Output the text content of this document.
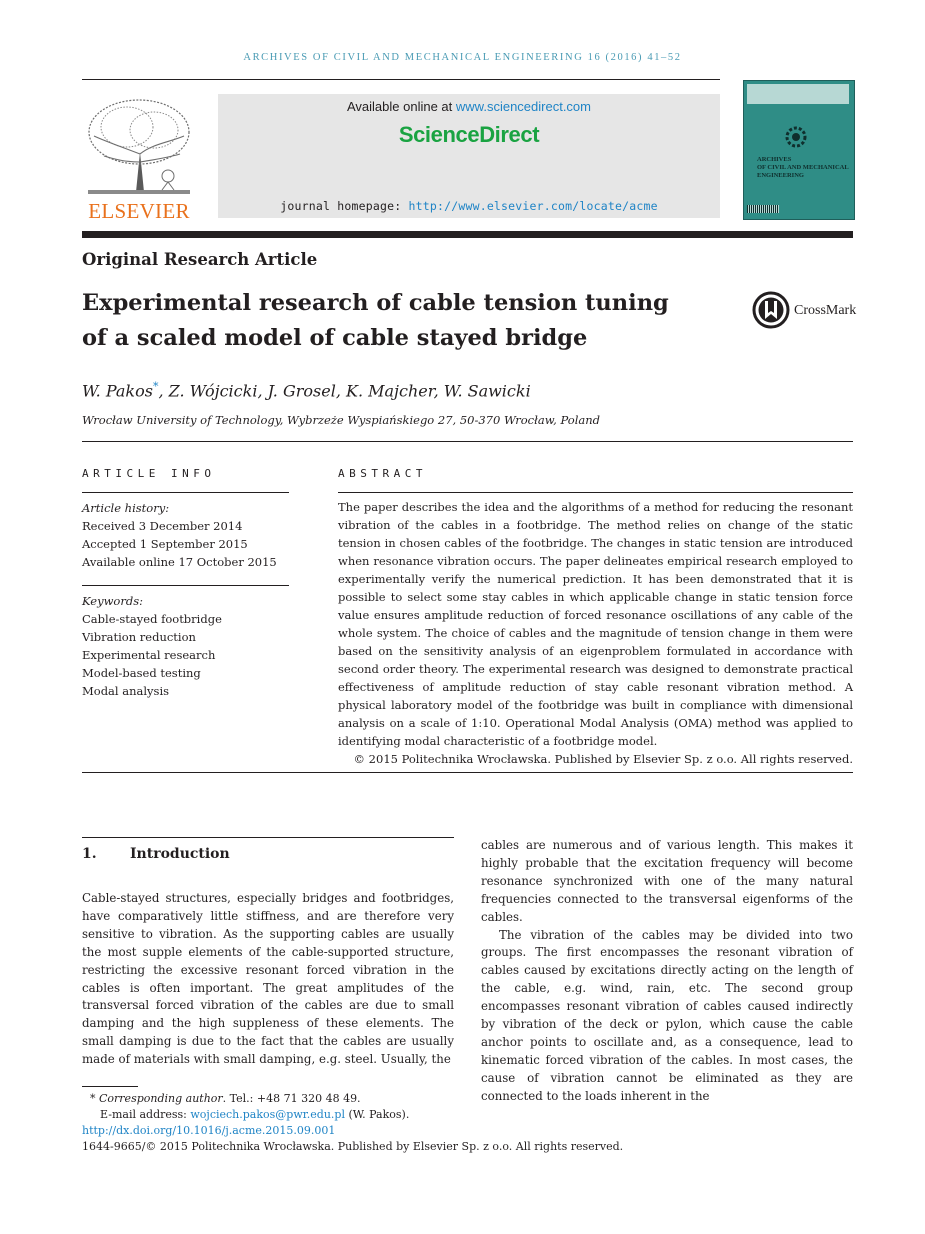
ARCHIVES OF CIVIL AND MECHANICAL ENGINEERING 16 (2016) 41–52
ELSEVIER
Available online at www.sciencedirect.com
ScienceDirect
journal homepage: http://www.elsevier.com/locate/acme
ARCHIVES
OF CIVIL AND MECHANICAL
ENGINEERING
Original Research Article
Experimental research of cable tension tuning
of a scaled model of cable stayed bridge
CrossMark
W. Pakos*, Z. Wójcicki, J. Grosel, K. Majcher, W. Sawicki
Wrocław University of Technology, Wybrzeże Wyspiańskiego 27, 50-370 Wrocław, Poland
ARTICLE INFO
Article history:
Received 3 December 2014
Accepted 1 September 2015
Available online 17 October 2015
Keywords:
Cable-stayed footbridge
Vibration reduction
Experimental research
Model-based testing
Modal analysis
ABSTRACT

The paper describes the idea and the algorithms of a method for reducing the resonant vibration of the cables in a footbridge. The method relies on change of the static tension in chosen cables of the footbridge. The changes in static tension are introduced when resonance vibration occurs. The paper delineates empirical research employed to experimentally verify the numerical prediction. It has been demonstrated that it is possible to select some stay cables in which applicable change in static tension force value ensures amplitude reduction of forced resonance oscillations of any cable of the whole system. The choice of cables and the magnitude of tension change in them were based on the sensitivity analysis of an eigenproblem formulated in accordance with second order theory. The experimental research was designed to demonstrate practical effectiveness of amplitude reduction of stay cable resonant vibration method. A physical laboratory model of the footbridge was built in compliance with dimensional analysis on a scale of 1:10. Operational Modal Analysis (OMA) method was applied to identifying modal characteristic of a footbridge model.

© 2015 Politechnika Wrocławska. Published by Elsevier Sp. z o.o. All rights reserved.

1. Introduction

Cable-stayed structures, especially bridges and footbridges, have comparatively little stiffness, and are therefore very sensitive to vibration. As the supporting cables are usually the most supple elements of the cable-supported structure, restricting the excessive resonant forced vibration in the cables is often important. The great amplitudes of the transversal forced vibration of the cables are due to small damping and the high suppleness of these elements. The small damping is due to the fact that the cables are usually made of materials with small damping, e.g. steel. Usually, the

cables are numerous and of various length. This makes it highly probable that the excitation frequency will become resonance synchronized with one of the many natural frequencies connected to the transversal eigenforms of the cables.

The vibration of the cables may be divided into two groups. The first encompasses the resonant vibration of cables caused by excitations directly acting on the length of the cable, e.g. wind, rain, etc. The second group encompasses resonant vibration of cables caused indirectly by vibration of the deck or pylon, which cause the cable anchor points to oscillate and, as a consequence, lead to kinematic forced vibration of the cables. In most cases, the cause of vibration cannot be eliminated as they are connected to the loads inherent in the

* Corresponding author. Tel.: +48 71 320 48 49.
E-mail address: wojciech.pakos@pwr.edu.pl (W. Pakos).
http://dx.doi.org/10.1016/j.acme.2015.09.001
1644-9665/© 2015 Politechnika Wrocławska. Published by Elsevier Sp. z o.o. All rights reserved.
